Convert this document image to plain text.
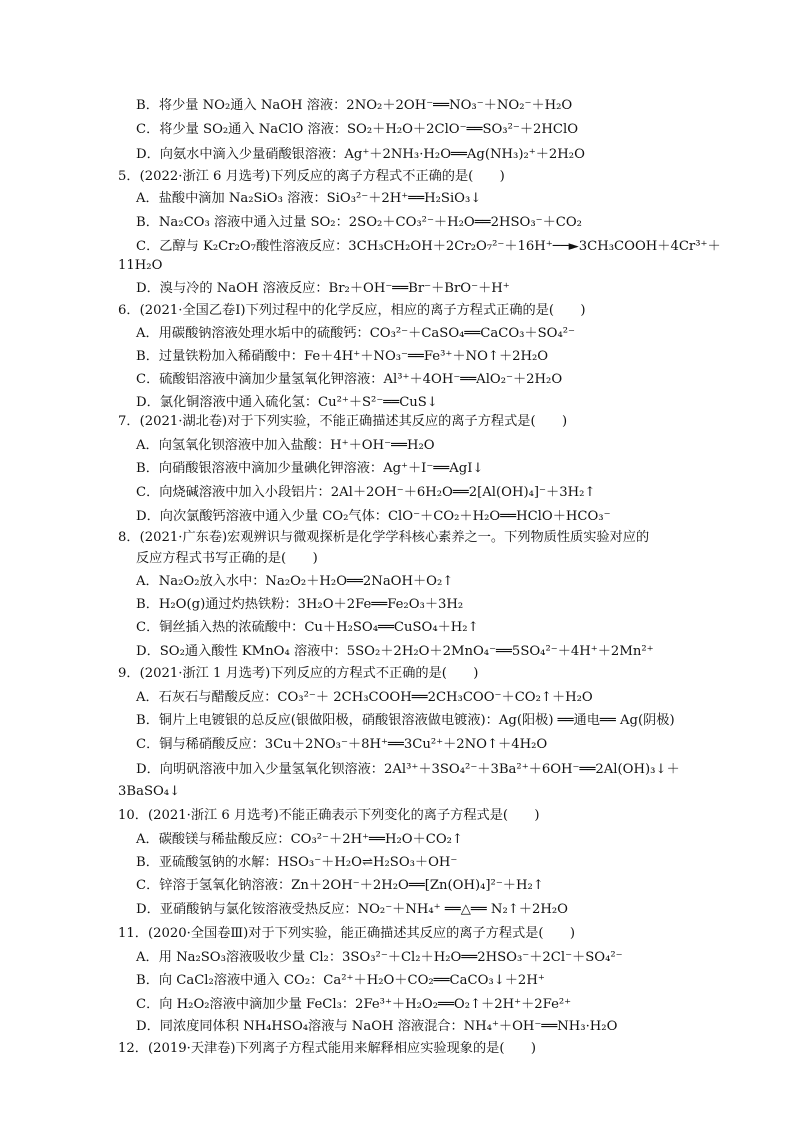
B．将少量 NO₂通入 NaOH 溶液：2NO₂＋2OH⁻══NO₃⁻＋NO₂⁻＋H₂O
C．将少量 SO₂通入 NaClO 溶液：SO₂＋H₂O＋2ClO⁻══SO₃²⁻＋2HClO
D．向氨水中滴入少量硝酸银溶液：Ag⁺＋2NH₃·H₂O══Ag(NH₃)₂⁺＋2H₂O
5．(2022·浙江 6 月选考)下列反应的离子方程式不正确的是(　　)
A．盐酸中滴加 Na₂SiO₃ 溶液：SiO₃²⁻＋2H⁺══H₂SiO₃↓
B．Na₂CO₃ 溶液中通入过量 SO₂：2SO₂＋CO₃²⁻＋H₂O══2HSO₃⁻＋CO₂
C．乙醇与 K₂Cr₂O₇酸性溶液反应：3CH₃CH₂OH＋2Cr₂O₇²⁻＋16H⁺──►3CH₃COOH＋4Cr³⁺＋
11H₂O
D．溴与冷的 NaOH 溶液反应：Br₂＋OH⁻══Br⁻＋BrO⁻＋H⁺
6．(2021·全国乙卷Ⅰ)下列过程中的化学反应，相应的离子方程式正确的是(　　)
A．用碳酸钠溶液处理水垢中的硫酸钙：CO₃²⁻＋CaSO₄══CaCO₃＋SO₄²⁻
B．过量铁粉加入稀硝酸中：Fe＋4H⁺＋NO₃⁻══Fe³⁺＋NO↑＋2H₂O
C．硫酸铝溶液中滴加少量氢氧化钾溶液：Al³⁺＋4OH⁻══AlO₂⁻＋2H₂O
D．氯化铜溶液中通入硫化氢：Cu²⁺＋S²⁻══CuS↓
7．(2021·湖北卷)对于下列实验，不能正确描述其反应的离子方程式是(　　)
A．向氢氧化钡溶液中加入盐酸：H⁺＋OH⁻══H₂O
B．向硝酸银溶液中滴加少量碘化钾溶液：Ag⁺＋I⁻══AgI↓
C．向烧碱溶液中加入小段铝片：2Al＋2OH⁻＋6H₂O══2[Al(OH)₄]⁻＋3H₂↑
D．向次氯酸钙溶液中通入少量 CO₂气体：ClO⁻＋CO₂＋H₂O══HClO＋HCO₃⁻
8．(2021·广东卷)宏观辨识与微观探析是化学学科核心素养之一。下列物质性质实验对应的
反应方程式书写正确的是(　　)
A．Na₂O₂放入水中：Na₂O₂＋H₂O══2NaOH＋O₂↑
B．H₂O(g)通过灼热铁粉：3H₂O＋2Fe══Fe₂O₃＋3H₂
C．铜丝插入热的浓硫酸中：Cu＋H₂SO₄══CuSO₄＋H₂↑
D．SO₂通入酸性 KMnO₄ 溶液中：5SO₂＋2H₂O＋2MnO₄⁻══5SO₄²⁻＋4H⁺＋2Mn²⁺
9．(2021·浙江 1 月选考)下列反应的方程式不正确的是(　　)
A．石灰石与醋酸反应：CO₃²⁻＋ 2CH₃COOH══2CH₃COO⁻＋CO₂↑＋H₂O
B．铜片上电镀银的总反应(银做阳极，硝酸银溶液做电镀液)：Ag(阳极) ══通电══ Ag(阴极)
C．铜与稀硝酸反应：3Cu＋2NO₃⁻＋8H⁺══3Cu²⁺＋2NO↑＋4H₂O
D．向明矾溶液中加入少量氢氧化钡溶液：2Al³⁺＋3SO₄²⁻＋3Ba²⁺＋6OH⁻══2Al(OH)₃↓＋
3BaSO₄↓
10．(2021·浙江 6 月选考)不能正确表示下列变化的离子方程式是(　　)
A．碳酸镁与稀盐酸反应：CO₃²⁻＋2H⁺══H₂O＋CO₂↑
B．亚硫酸氢钠的水解：HSO₃⁻＋H₂O⇌H₂SO₃＋OH⁻
C．锌溶于氢氧化钠溶液：Zn＋2OH⁻＋2H₂O══[Zn(OH)₄]²⁻＋H₂↑
D．亚硝酸钠与氯化铵溶液受热反应：NO₂⁻＋NH₄⁺ ══△══ N₂↑＋2H₂O
11．(2020·全国卷Ⅲ)对于下列实验，能正确描述其反应的离子方程式是(　　)
A．用 Na₂SO₃溶液吸收少量 Cl₂：3SO₃²⁻＋Cl₂＋H₂O══2HSO₃⁻＋2Cl⁻＋SO₄²⁻
B．向 CaCl₂溶液中通入 CO₂：Ca²⁺＋H₂O＋CO₂══CaCO₃↓＋2H⁺
C．向 H₂O₂溶液中滴加少量 FeCl₃：2Fe³⁺＋H₂O₂══O₂↑＋2H⁺＋2Fe²⁺
D．同浓度同体积 NH₄HSO₄溶液与 NaOH 溶液混合：NH₄⁺＋OH⁻══NH₃·H₂O
12．(2019·天津卷)下列离子方程式能用来解释相应实验现象的是(　　)
